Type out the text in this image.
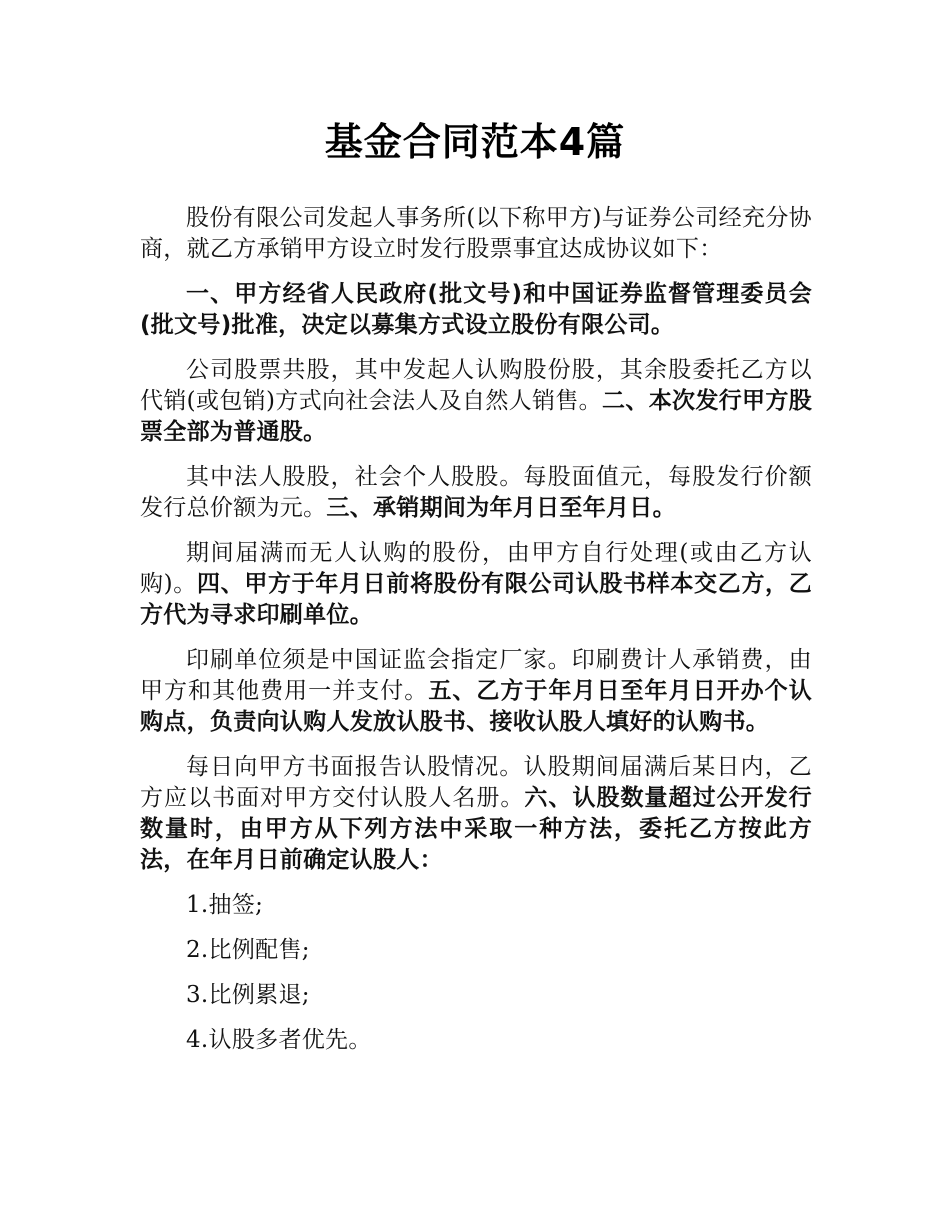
基金合同范本4篇

股份有限公司发起人事务所(以下称甲方)与证券公司经充分协商，就乙方承销甲方设立时发行股票事宜达成协议如下：

一、甲方经省人民政府(批文号)和中国证券监督管理委员会(批文号)批准，决定以募集方式设立股份有限公司。

公司股票共股，其中发起人认购股份股，其余股委托乙方以代销(或包销)方式向社会法人及自然人销售。二、本次发行甲方股票全部为普通股。

其中法人股股，社会个人股股。每股面值元，每股发行价额发行总价额为元。三、承销期间为年月日至年月日。

期间届满而无人认购的股份，由甲方自行处理(或由乙方认购)。四、甲方于年月日前将股份有限公司认股书样本交乙方，乙方代为寻求印刷单位。

印刷单位须是中国证监会指定厂家。印刷费计人承销费，由甲方和其他费用一并支付。五、乙方于年月日至年月日开办个认购点，负责向认购人发放认股书、接收认股人填好的认购书。

每日向甲方书面报告认股情况。认股期间届满后某日内，乙方应以书面对甲方交付认股人名册。六、认股数量超过公开发行数量时，由甲方从下列方法中采取一种方法，委托乙方按此方法，在年月日前确定认股人：

1.抽签;

2.比例配售;

3.比例累退;

4.认股多者优先。
